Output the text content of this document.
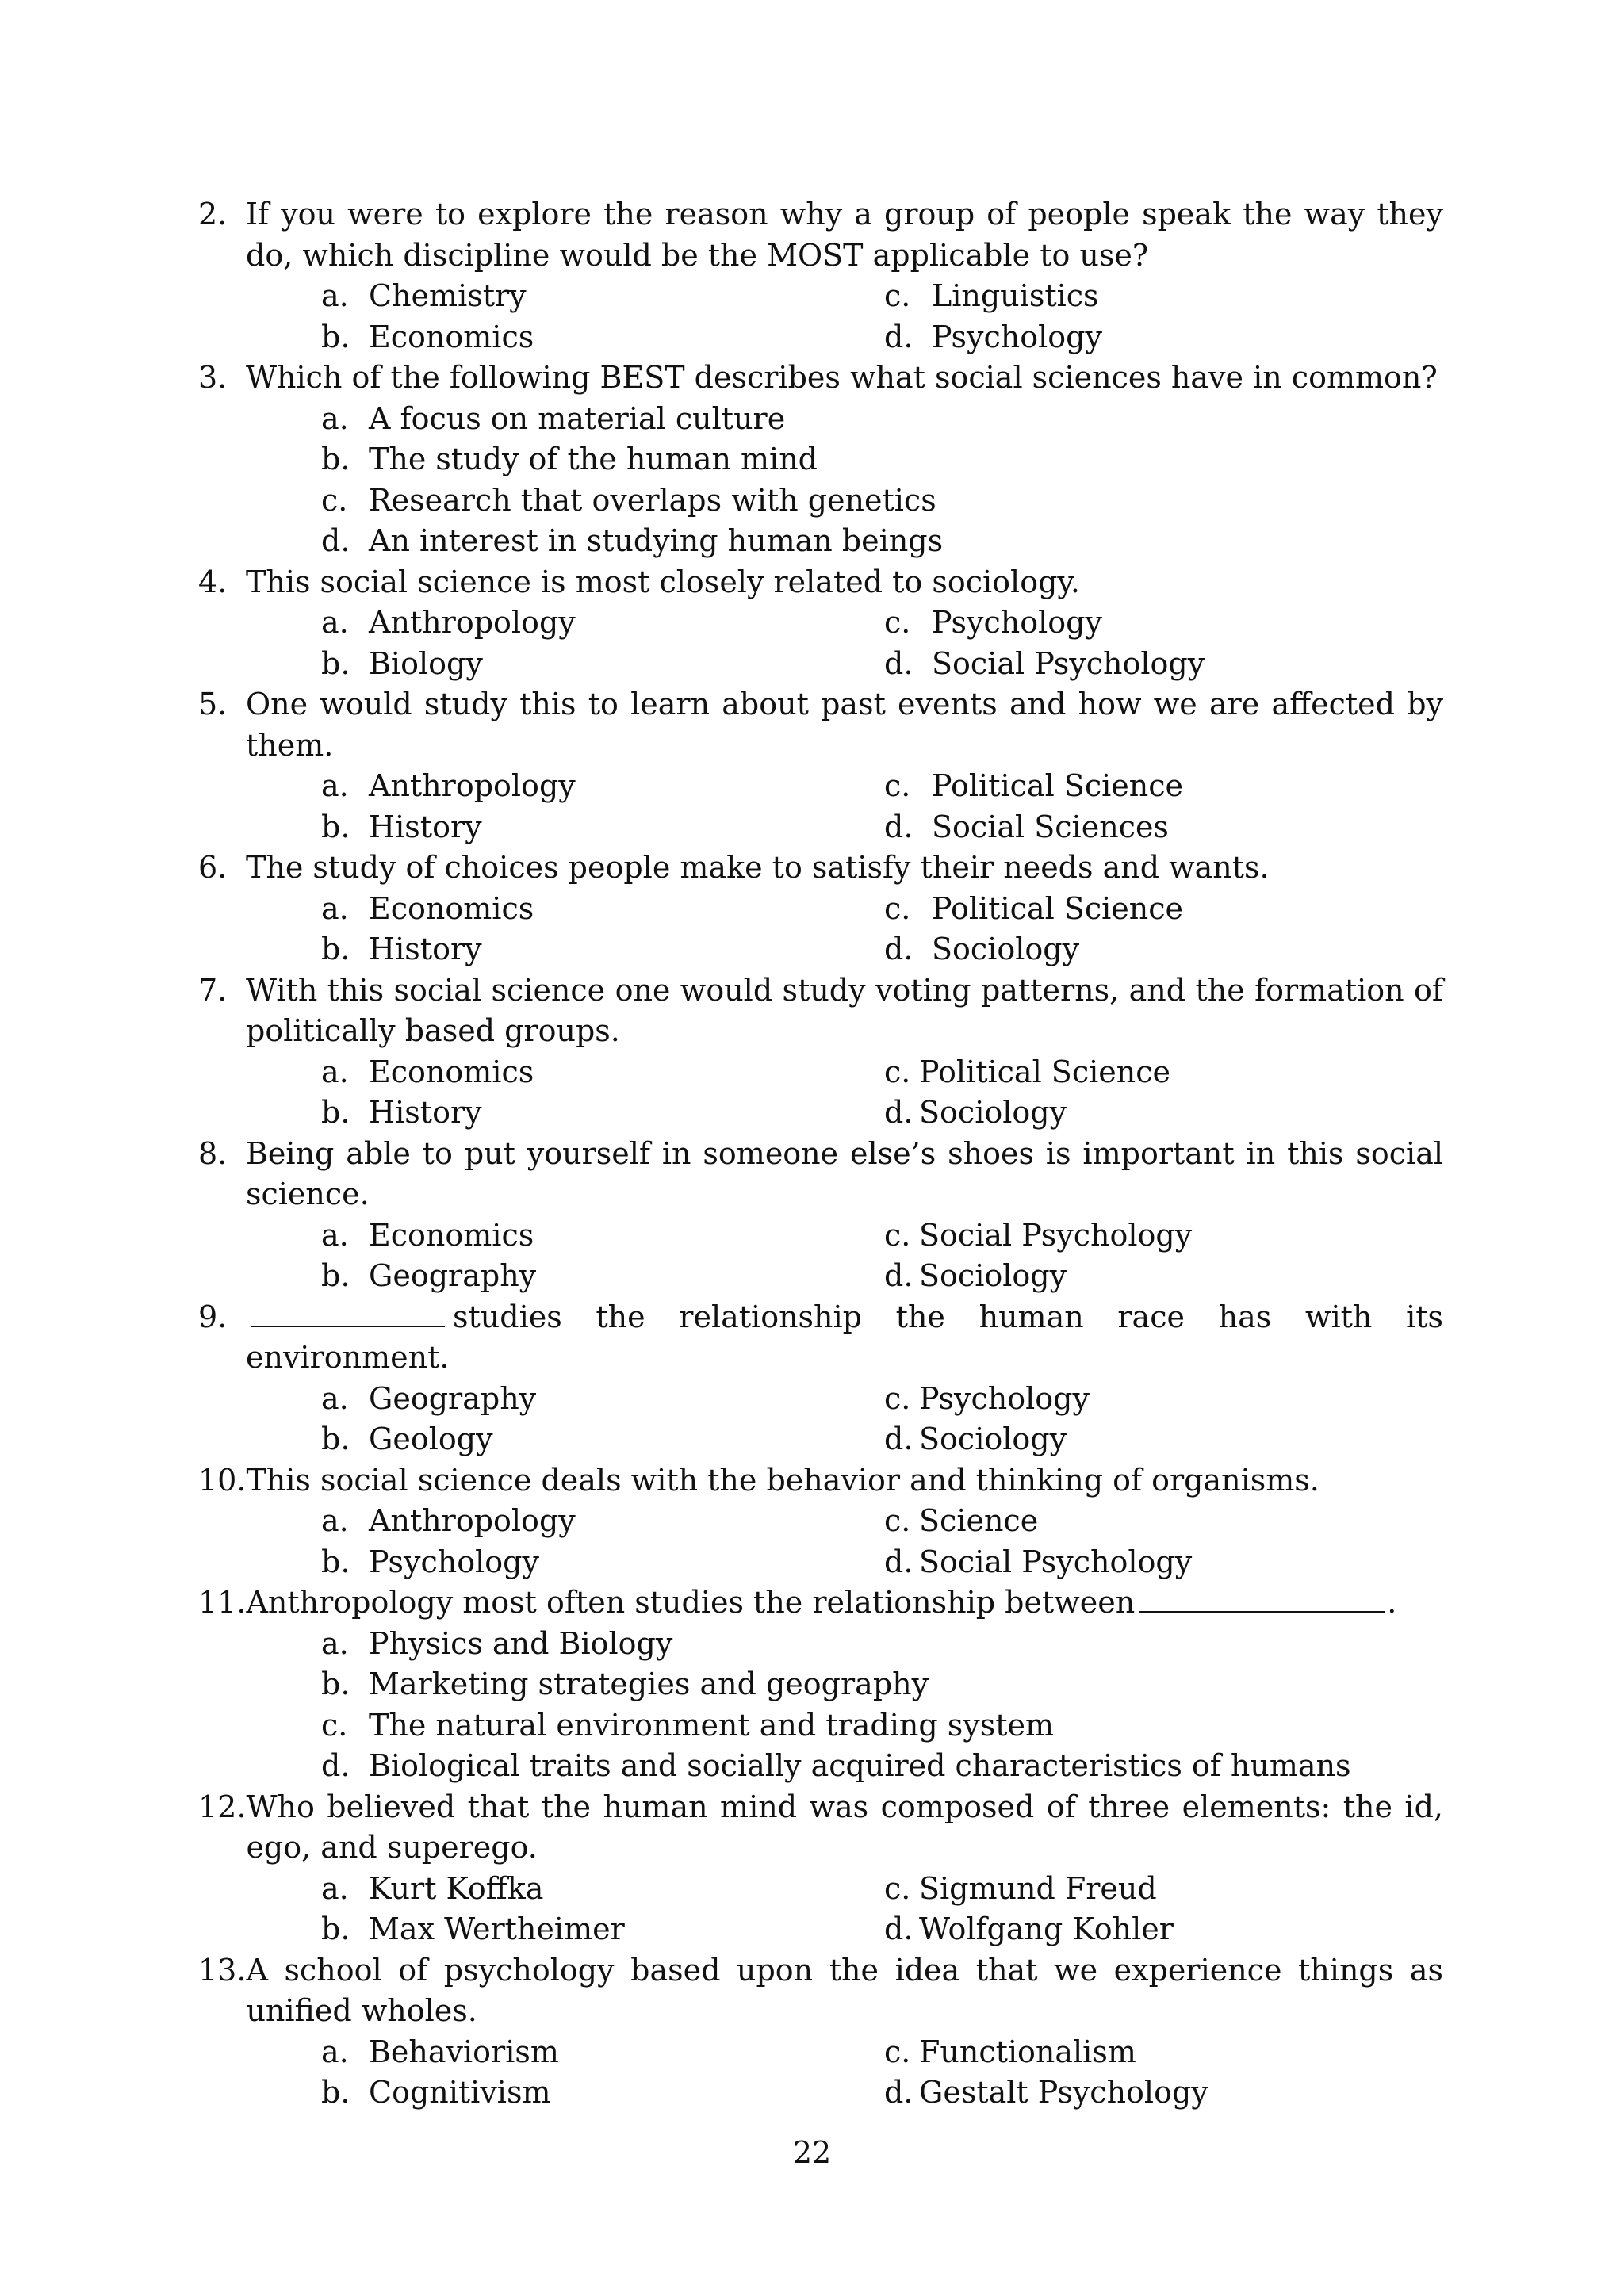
2. If you were to explore the reason why a group of people speak the way they do, which discipline would be the MOST applicable to use?
a. Chemistry	c. Linguistics
b. Economics	d. Psychology
3. Which of the following BEST describes what social sciences have in common?
a. A focus on material culture
b. The study of the human mind
c. Research that overlaps with genetics
d. An interest in studying human beings
4. This social science is most closely related to sociology.
a. Anthropology	c. Psychology
b. Biology	d. Social Psychology
5. One would study this to learn about past events and how we are affected by them.
a. Anthropology	c. Political Science
b. History	d. Social Sciences
6. The study of choices people make to satisfy their needs and wants.
a. Economics	c. Political Science
b. History	d. Sociology
7. With this social science one would study voting patterns, and the formation of politically based groups.
a. Economics	c. Political Science
b. History	d. Sociology
8. Being able to put yourself in someone else’s shoes is important in this social science.
a. Economics	c. Social Psychology
b. Geography	d. Sociology
9.	studies the relationship the human race has with its environment.
a. Geography	c. Psychology
b. Geology	d. Sociology
10. This social science deals with the behavior and thinking of organisms.
a. Anthropology	c. Science
b. Psychology	d. Social Psychology
11. Anthropology most often studies the relationship between	.
a. Physics and Biology
b. Marketing strategies and geography
c. The natural environment and trading system
d. Biological traits and socially acquired characteristics of humans
12. Who believed that the human mind was composed of three elements: the id, ego, and superego.
a. Kurt Koffka	c. Sigmund Freud
b. Max Wertheimer	d. Wolfgang Kohler
13. A school of psychology based upon the idea that we experience things as unified wholes.
a. Behaviorism	c. Functionalism
b. Cognitivism	d. Gestalt Psychology
22
